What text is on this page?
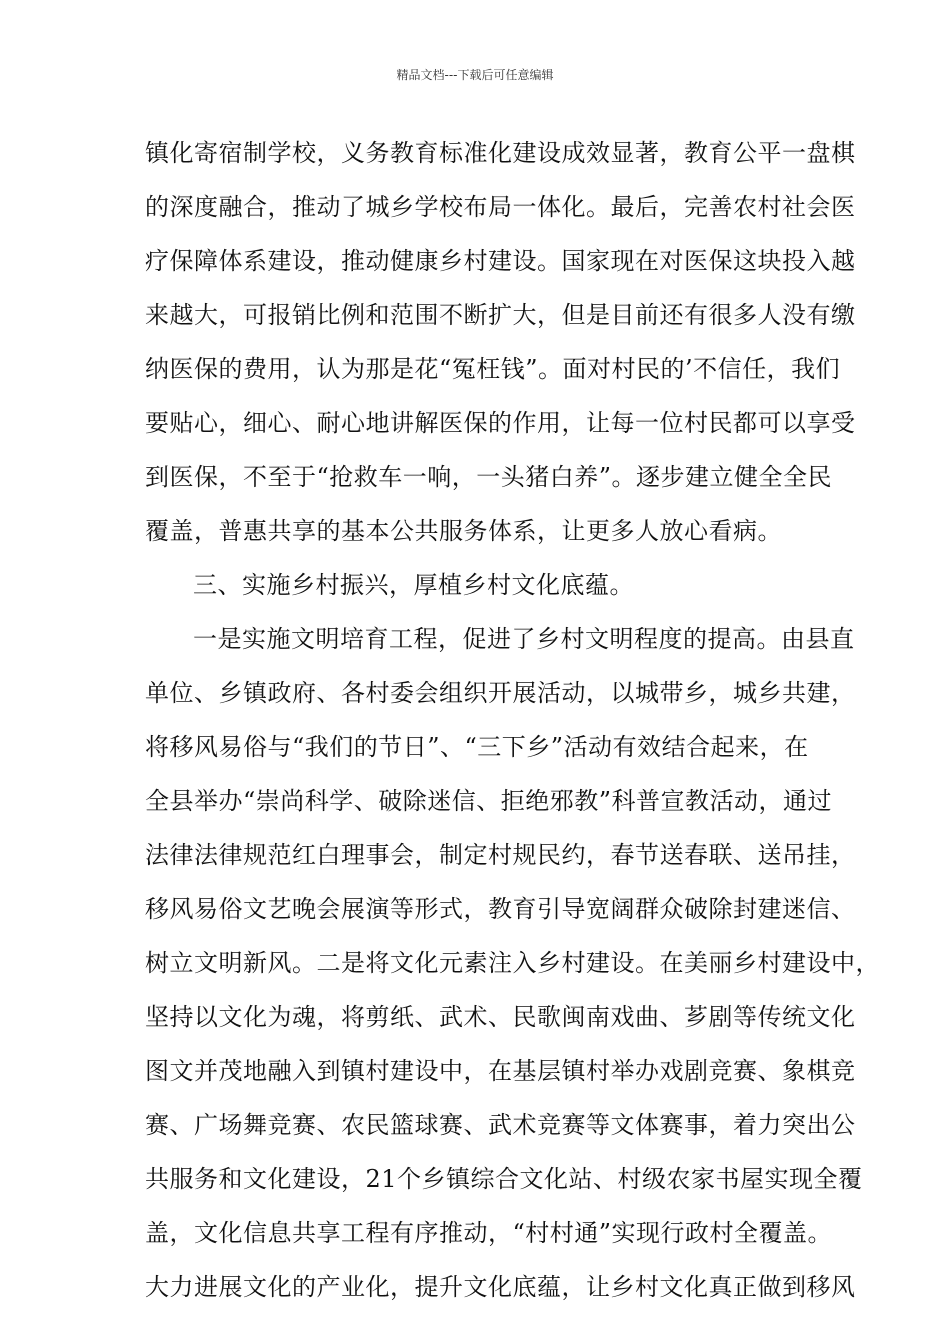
精品文档---下载后可任意编辑
镇化寄宿制学校，义务教育标准化建设成效显著，教育公平一盘棋
的深度融合，推动了城乡学校布局一体化。最后，完善农村社会医
疗保障体系建设，推动健康乡村建设。国家现在对医保这块投入越
来越大，可报销比例和范围不断扩大，但是目前还有很多人没有缴
纳医保的费用，认为那是花“冤枉钱”。面对村民的’不信任，我们
要贴心，细心、耐心地讲解医保的作用，让每一位村民都可以享受
到医保，不至于“抢救车一响，一头猪白养”。逐步建立健全全民
覆盖，普惠共享的基本公共服务体系，让更多人放心看病。
三、实施乡村振兴，厚植乡村文化底蕴。
一是实施文明培育工程，促进了乡村文明程度的提高。由县直
单位、乡镇政府、各村委会组织开展活动，以城带乡，城乡共建，
将移风易俗与“我们的节日”、“三下乡”活动有效结合起来，在
全县举办“崇尚科学、破除迷信、拒绝邪教”科普宣教活动，通过
法律法律规范红白理事会，制定村规民约，春节送春联、送吊挂，
移风易俗文艺晚会展演等形式，教育引导宽阔群众破除封建迷信、
树立文明新风。二是将文化元素注入乡村建设。在美丽乡村建设中，
坚持以文化为魂，将剪纸、武术、民歌闽南戏曲、芗剧等传统文化
图文并茂地融入到镇村建设中，在基层镇村举办戏剧竞赛、象棋竞
赛、广场舞竞赛、农民篮球赛、武术竞赛等文体赛事，着力突出公
共服务和文化建设，21个乡镇综合文化站、村级农家书屋实现全覆
盖，文化信息共享工程有序推动，“村村通”实现行政村全覆盖。
大力进展文化的产业化，提升文化底蕴，让乡村文化真正做到移风
